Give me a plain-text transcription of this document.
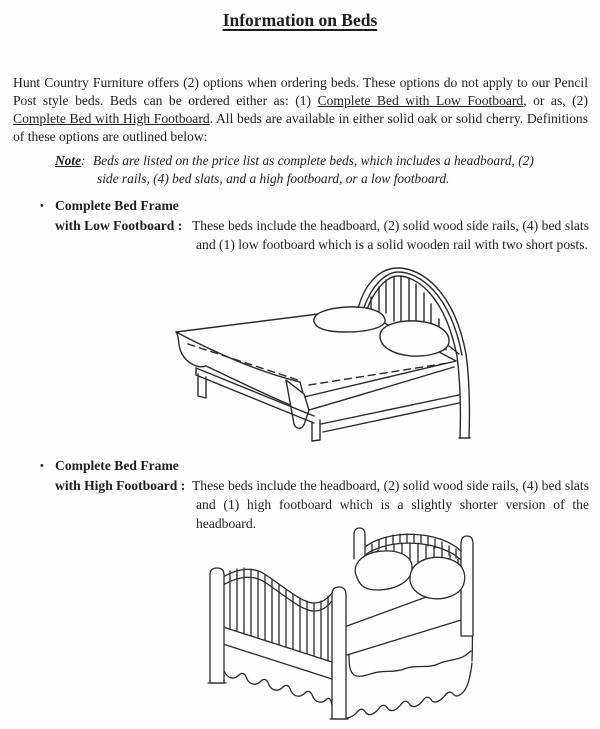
Information on Beds

Hunt Country Furniture offers (2) options when ordering beds. These options do not apply to our Pencil Post style beds. Beds can be ordered either as: (1) Complete Bed with Low Footboard, or as, (2) Complete Bed with High Footboard. All beds are available in either solid oak or solid cherry. Definitions of these options are outlined below:

Note: Beds are listed on the price list as complete beds, which includes a headboard, (2) side rails, (4) bed slats, and a high footboard, or a low footboard.

• Complete Bed Frame
with Low Footboard : These beds include the headboard, (2) solid wood side rails, (4) bed slats and (1) low footboard which is a solid wooden rail with two short posts.
• Complete Bed Frame
with High Footboard : These beds include the headboard, (2) solid wood side rails, (4) bed slats and (1) high footboard which is a slightly shorter version of the headboard.
